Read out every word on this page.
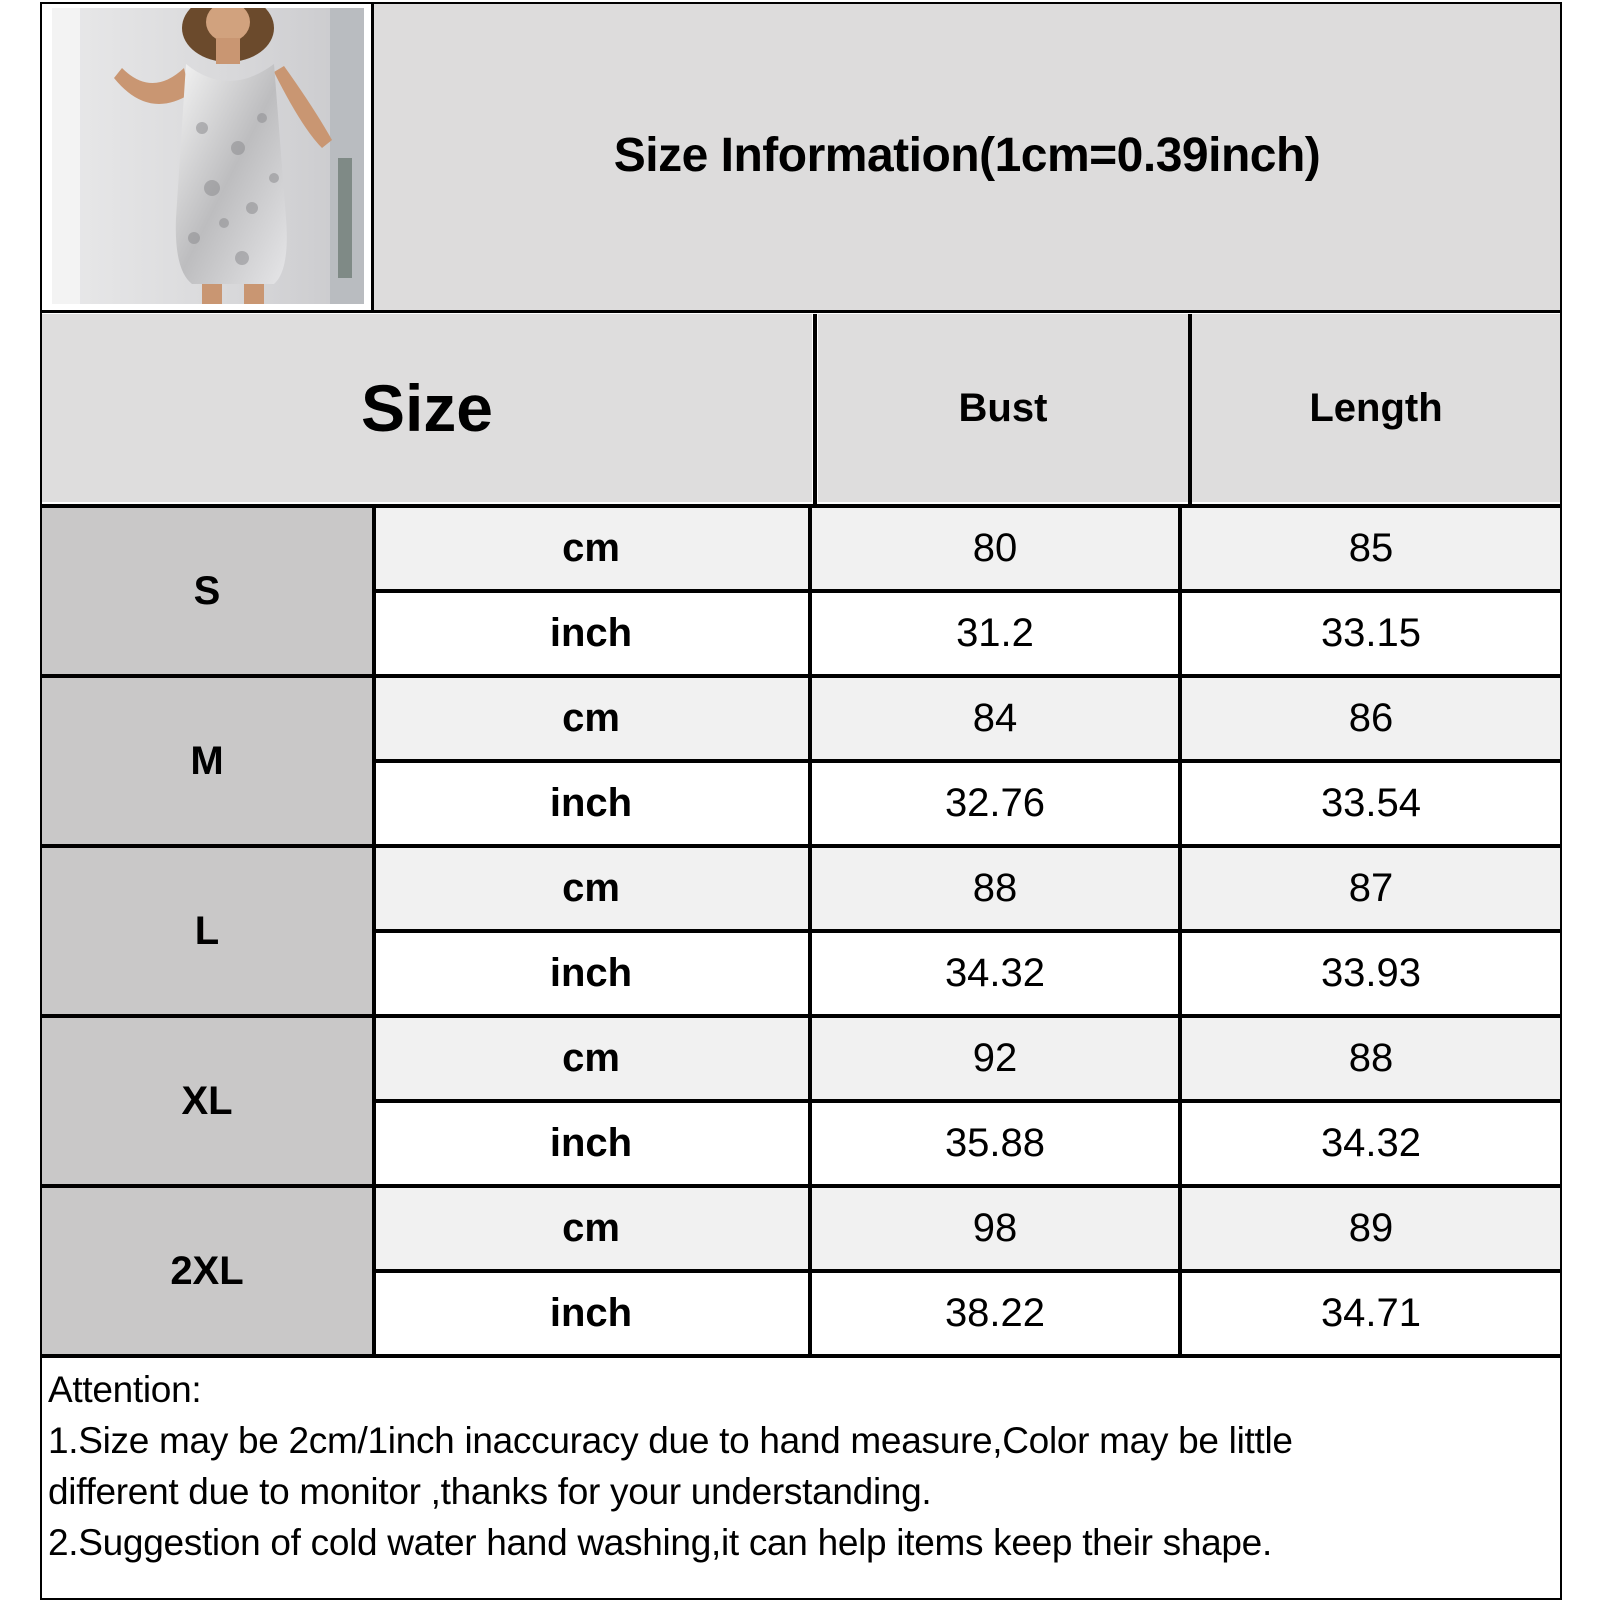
Size Information(1cm=0.39inch)
Size	Bust	Length
S
cm	80	85
inch	31.2	33.15
M
cm	84	86
inch	32.76	33.54
L
cm	88	87
inch	34.32	33.93
XL
cm	92	88
inch	35.88	34.32
2XL
cm	98	89
inch	38.22	34.71
Attention:
1.Size may be 2cm/1inch inaccuracy due to hand measure,Color may be little
different due to monitor ,thanks for your understanding.
2.Suggestion of cold water hand washing,it can help items keep their shape.
